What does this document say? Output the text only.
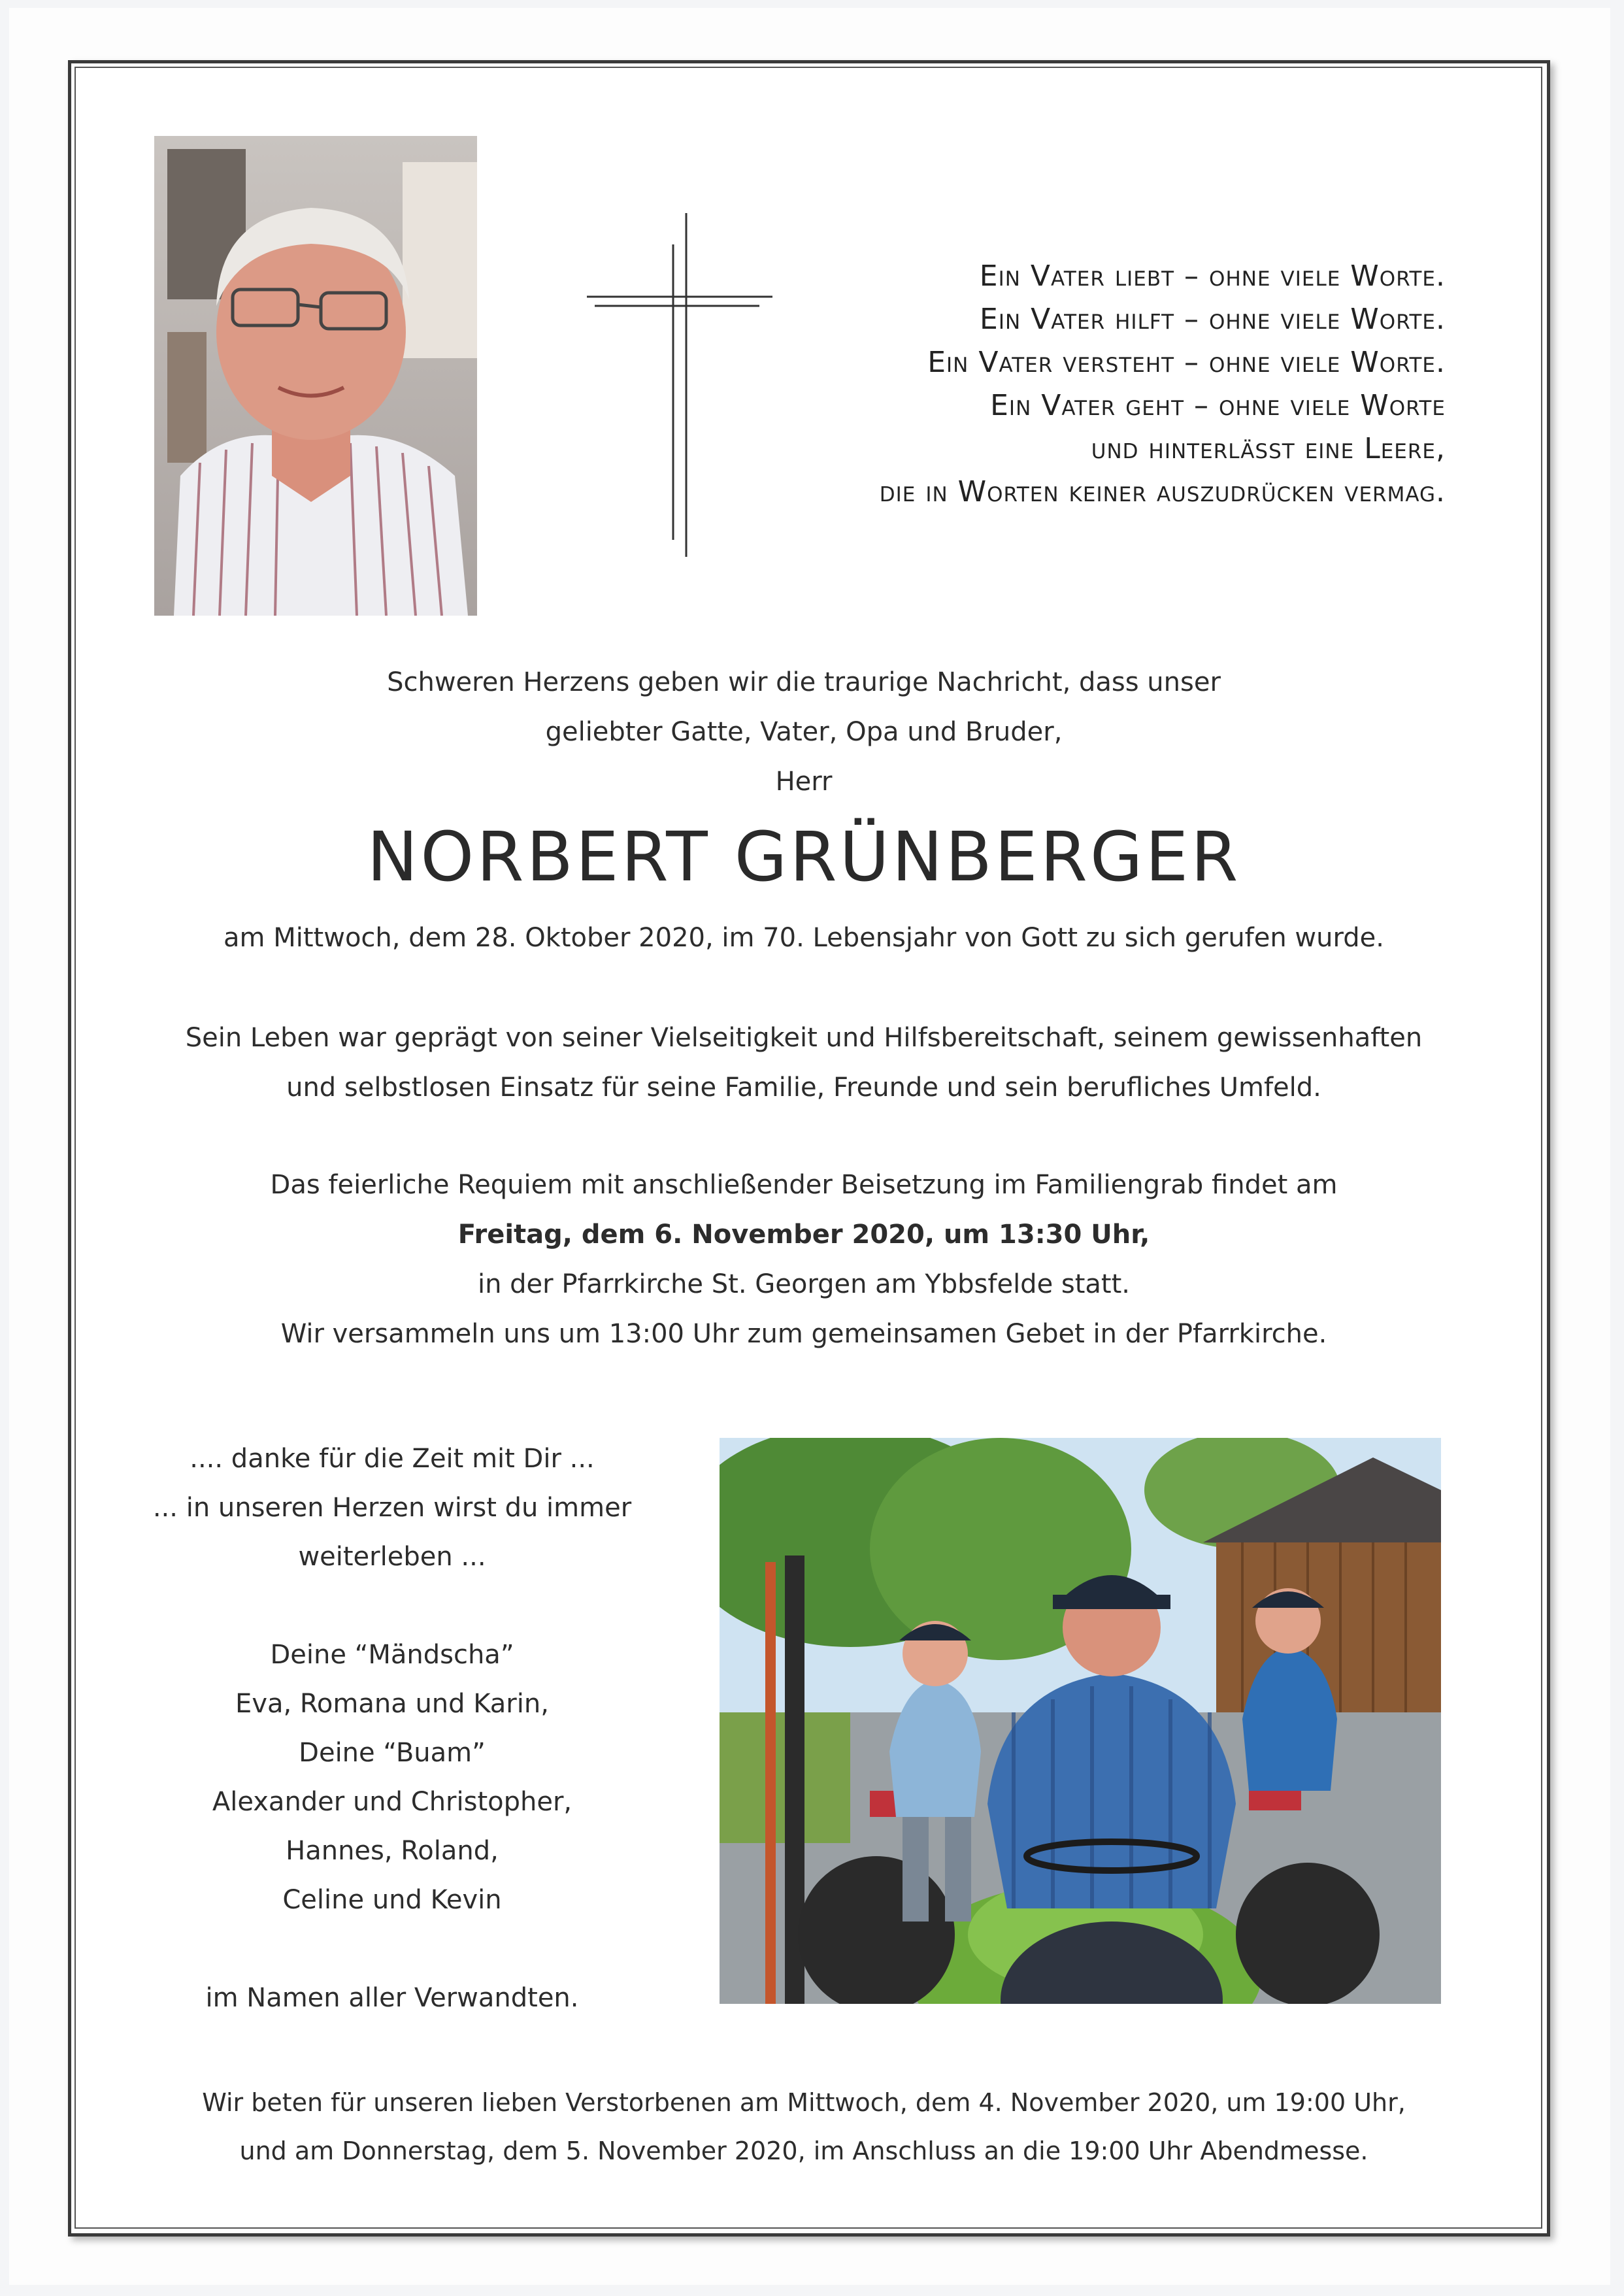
Ein Vater liebt – ohne viele Worte.
Ein Vater hilft – ohne viele Worte.
Ein Vater versteht – ohne viele Worte.
Ein Vater geht – ohne viele Worte
und hinterlässt eine Leere,
die in Worten keiner auszudrücken vermag.
Schweren Herzens geben wir die traurige Nachricht, dass unser
geliebter Gatte, Vater, Opa und Bruder,
Herr
NORBERT GRÜNBERGER
am Mittwoch, dem 28. Oktober 2020, im 70. Lebensjahr von Gott zu sich gerufen wurde.
Sein Leben war geprägt von seiner Vielseitigkeit und Hilfsbereitschaft, seinem gewissenhaften
und selbstlosen Einsatz für seine Familie, Freunde und sein berufliches Umfeld.
Das feierliche Requiem mit anschließender Beisetzung im Familiengrab findet am
Freitag, dem 6. November 2020, um 13:30 Uhr,
in der Pfarrkirche St. Georgen am Ybbsfelde statt.
Wir versammeln uns um 13:00 Uhr zum gemeinsamen Gebet in der Pfarrkirche.
.... danke für die Zeit mit Dir ...
... in unseren Herzen wirst du immer
weiterleben ...
Deine “Mändscha”
Eva, Romana und Karin,
Deine “Buam”
Alexander und Christopher,
Hannes, Roland,
Celine und Kevin
im Namen aller Verwandten.
Wir beten für unseren lieben Verstorbenen am Mittwoch, dem 4. November 2020, um 19:00 Uhr,
und am Donnerstag, dem 5. November 2020, im Anschluss an die 19:00 Uhr Abendmesse.
